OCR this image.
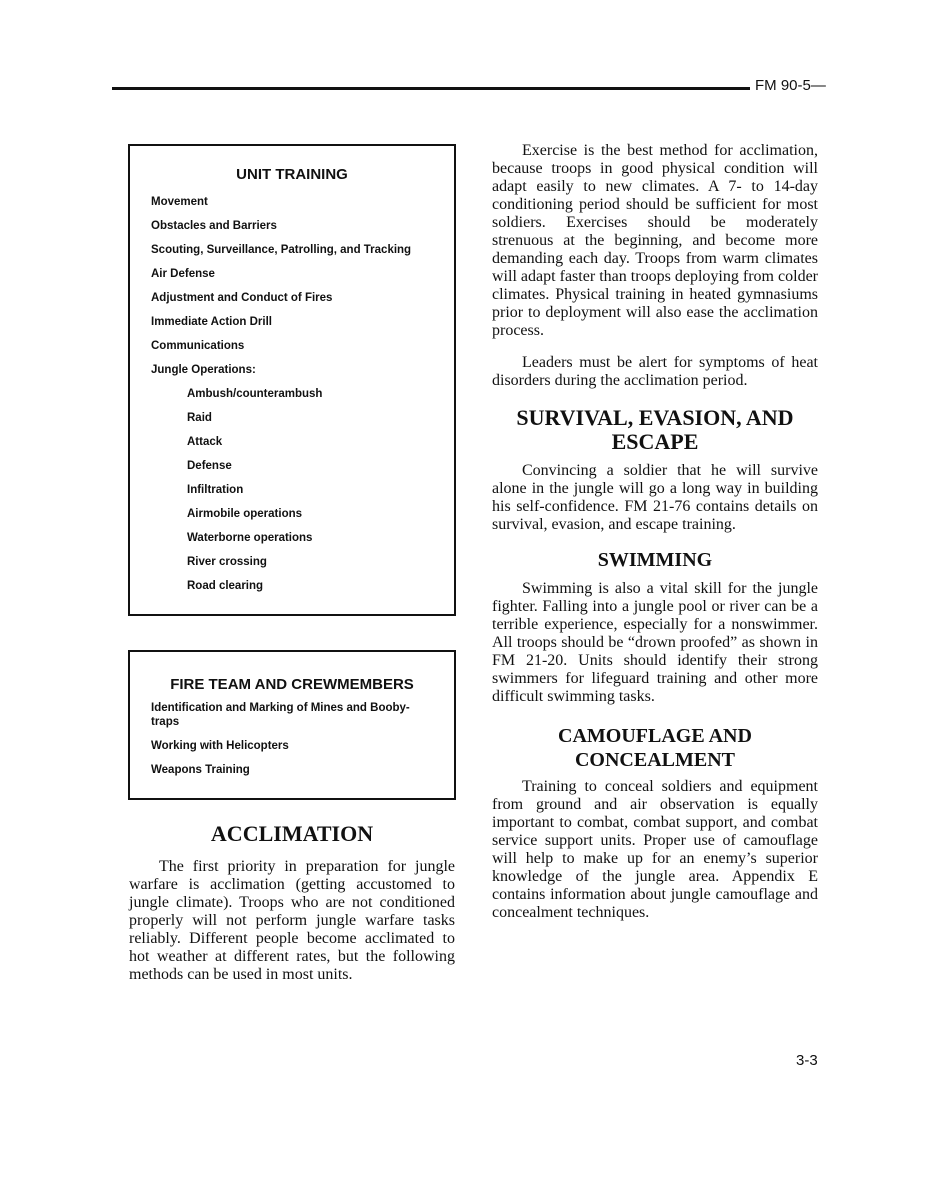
FM 90-5—
UNIT TRAINING
Movement
Obstacles and Barriers
Scouting, Surveillance, Patrolling, and Tracking
Air Defense
Adjustment and Conduct of Fires
Immediate Action Drill
Communications
Jungle Operations:
Ambush/counterambush
Raid
Attack
Defense
Infiltration
Airmobile operations
Waterborne operations
River crossing
Road clearing
FIRE TEAM AND CREWMEMBERS
Identification and Marking of Mines and Booby-traps
Working with Helicopters
Weapons Training
ACCLIMATION

The first priority in preparation for jungle warfare is acclimation (getting accustomed to jungle climate). Troops who are not conditioned properly will not perform jungle warfare tasks reliably. Different people become acclimated to hot weather at different rates, but the following methods can be used in most units.

Exercise is the best method for acclimation, because troops in good physical condition will adapt easily to new climates. A 7- to 14-day conditioning period should be sufficient for most soldiers. Exercises should be moderately strenuous at the beginning, and become more demanding each day. Troops from warm climates will adapt faster than troops deploying from colder climates. Physical training in heated gymnasiums prior to deployment will also ease the acclimation process.

Leaders must be alert for symptoms of heat disorders during the acclimation period.

SURVIVAL, EVASION, AND ESCAPE

Convincing a soldier that he will survive alone in the jungle will go a long way in building his self-confidence. FM 21-76 contains details on survival, evasion, and escape training.

SWIMMING

Swimming is also a vital skill for the jungle fighter. Falling into a jungle pool or river can be a terrible experience, especially for a nonswimmer. All troops should be “drown proofed” as shown in FM 21-20. Units should identify their strong swimmers for lifeguard training and other more difficult swimming tasks.

CAMOUFLAGE AND CONCEALMENT

Training to conceal soldiers and equipment from ground and air observation is equally important to combat, combat support, and combat service support units. Proper use of camouflage will help to make up for an enemy’s superior knowledge of the jungle area. Appendix E contains information about jungle camouflage and concealment techniques.

3-3
